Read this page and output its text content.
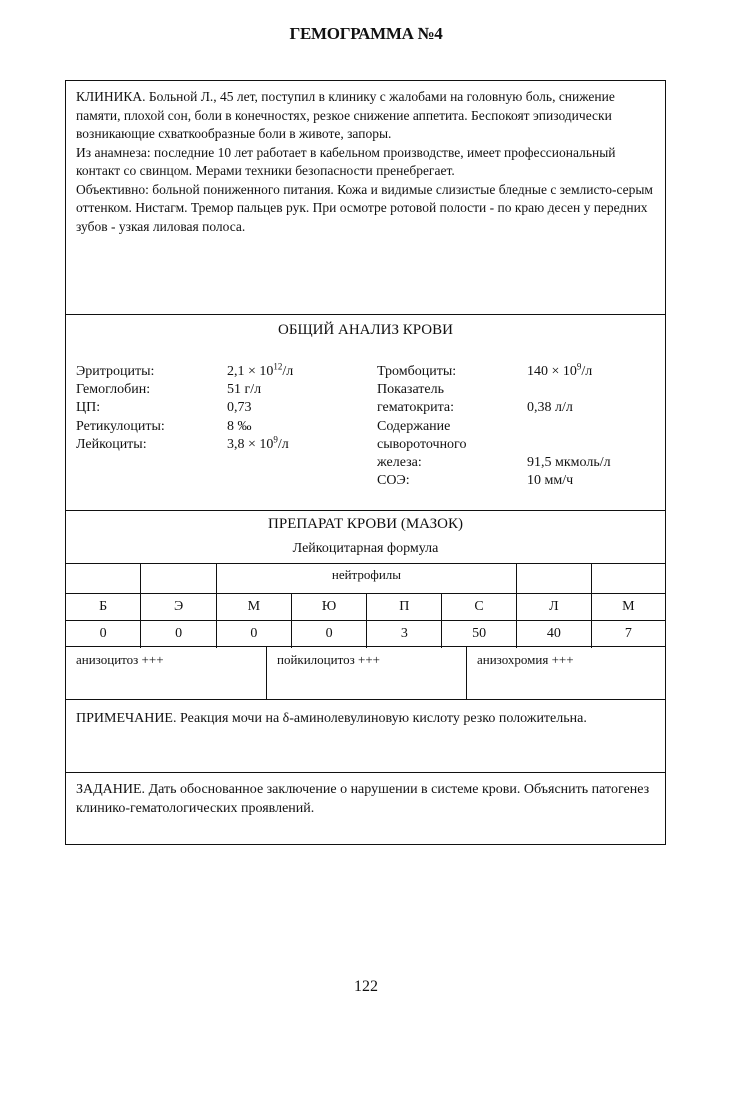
ГЕМОГРАММА №4

КЛИНИКА. Больной Л., 45 лет, поступил в клинику с жалобами на головную боль, снижение памяти, плохой сон, боли в конечностях, резкое снижение аппетита. Беспокоят эпизодически возникающие схваткообразные боли в животе, запоры.

Из анамнеза: последние 10 лет работает в кабельном производстве, имеет профессиональный контакт со свинцом. Мерами техники безопасности пренебрегает.

Объективно: больной пониженного питания. Кожа и видимые слизистые бледные с землисто-серым оттенком. Нистагм. Тремор пальцев рук. При осмотре ротовой полости - по краю десен у передних зубов - узкая лиловая полоса.

ОБЩИЙ АНАЛИЗ КРОВИ
Эритроциты:	$2,1 \times 10^{12}/л$
Гемоглобин:	51 г/л
ЦП:	0,73
Ретикулоциты:	8 ‰
Лейкоциты:	$3,8 \times 10^9/л$
Тромбоциты:	$140 \times 10^9/л$
Показатель
гематокрита:	0,38 л/л
Содержание
сывороточного
железа:	91,5 мкмоль/л
СОЭ:	10 мм/ч
ПРЕПАРАТ КРОВИ (МАЗОК)
Лейкоцитарная формула
		нейтрофилы					
Б	Э	М	Ю	П	С	Л	М
0	0	0	0	3	50	40	7
анизоцитоз +++	пойкилоцитоз +++	анизохромия +++
ПРИМЕЧАНИЕ. Реакция мочи на δ-аминолевулиновую кислоту резко положительна.
ЗАДАНИЕ. Дать обоснованное заключение о нарушении в системе крови. Объяснить патогенез клинико-гематологических проявлений.
122
